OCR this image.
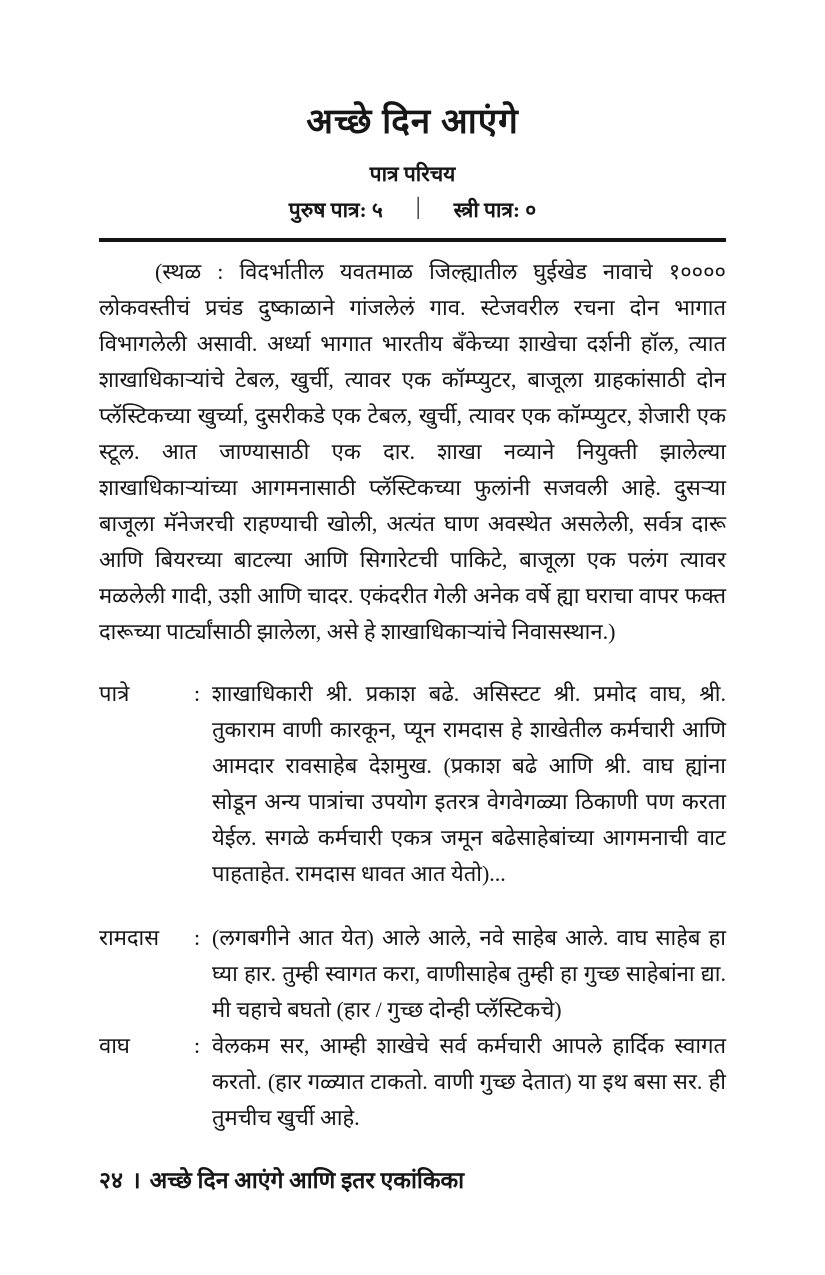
अच्छे दिन आएंगे
पात्र परिचय
पुरुष पात्र: ५ | स्त्री पात्र: ०

(स्थळ : विदर्भातील यवतमाळ जिल्ह्यातील घुईखेड नावाचे १०००० लोकवस्तीचं प्रचंड दुष्काळाने गांजलेलं गाव. स्टेजवरील रचना दोन भागात विभागलेली असावी. अर्ध्या भागात भारतीय बँकेच्या शाखेचा दर्शनी हॉल, त्यात शाखाधिकाऱ्यांचे टेबल, खुर्ची, त्यावर एक कॉम्प्युटर, बाजूला ग्राहकांसाठी दोन प्लॅस्टिकच्या खुर्च्या, दुसरीकडे एक टेबल, खुर्ची, त्यावर एक कॉम्प्युटर, शेजारी एक स्टूल. आत जाण्यासाठी एक दार. शाखा नव्याने नियुक्ती झालेल्या शाखाधिकाऱ्यांच्या आगमनासाठी प्लॅस्टिकच्या फुलांनी सजवली आहे. दुसऱ्या बाजूला मॅनेजरची राहण्याची खोली, अत्यंत घाण अवस्थेत असलेली, सर्वत्र दारू आणि बियरच्या बाटल्या आणि सिगारेटची पाकिटे, बाजूला एक पलंग त्यावर मळलेली गादी, उशी आणि चादर. एकंदरीत गेली अनेक वर्षे ह्या घराचा वापर फक्त दारूच्या पार्ट्यांसाठी झालेला, असे हे शाखाधिकाऱ्यांचे निवासस्थान.)

पात्रे	: शाखाधिकारी श्री. प्रकाश बढे. असिस्टट श्री. प्रमोद वाघ, श्री. तुकाराम वाणी कारकून, प्यून रामदास हे शाखेतील कर्मचारी आणि आमदार रावसाहेब देशमुख. (प्रकाश बढे आणि श्री. वाघ ह्यांना सोडून अन्य पात्रांचा उपयोग इतरत्र वेगवेगळ्या ठिकाणी पण करता येईल. सगळे कर्मचारी एकत्र जमून बढेसाहेबांच्या आगमनाची वाट पाहताहेत. रामदास धावत आत येतो)...
रामदास	: (लगबगीने आत येत) आले आले, नवे साहेब आले. वाघ साहेब हा घ्या हार. तुम्ही स्वागत करा, वाणीसाहेब तुम्ही हा गुच्छ साहेबांना द्या. मी चहाचे बघतो (हार / गुच्छ दोन्ही प्लॅस्टिकचे)
वाघ	: वेलकम सर, आम्ही शाखेचे सर्व कर्मचारी आपले हार्दिक स्वागत करतो. (हार गळ्यात टाकतो. वाणी गुच्छ देतात) या इथ बसा सर. ही तुमचीच खुर्ची आहे.
२४ । अच्छे दिन आएंगे आणि इतर एकांकिका
